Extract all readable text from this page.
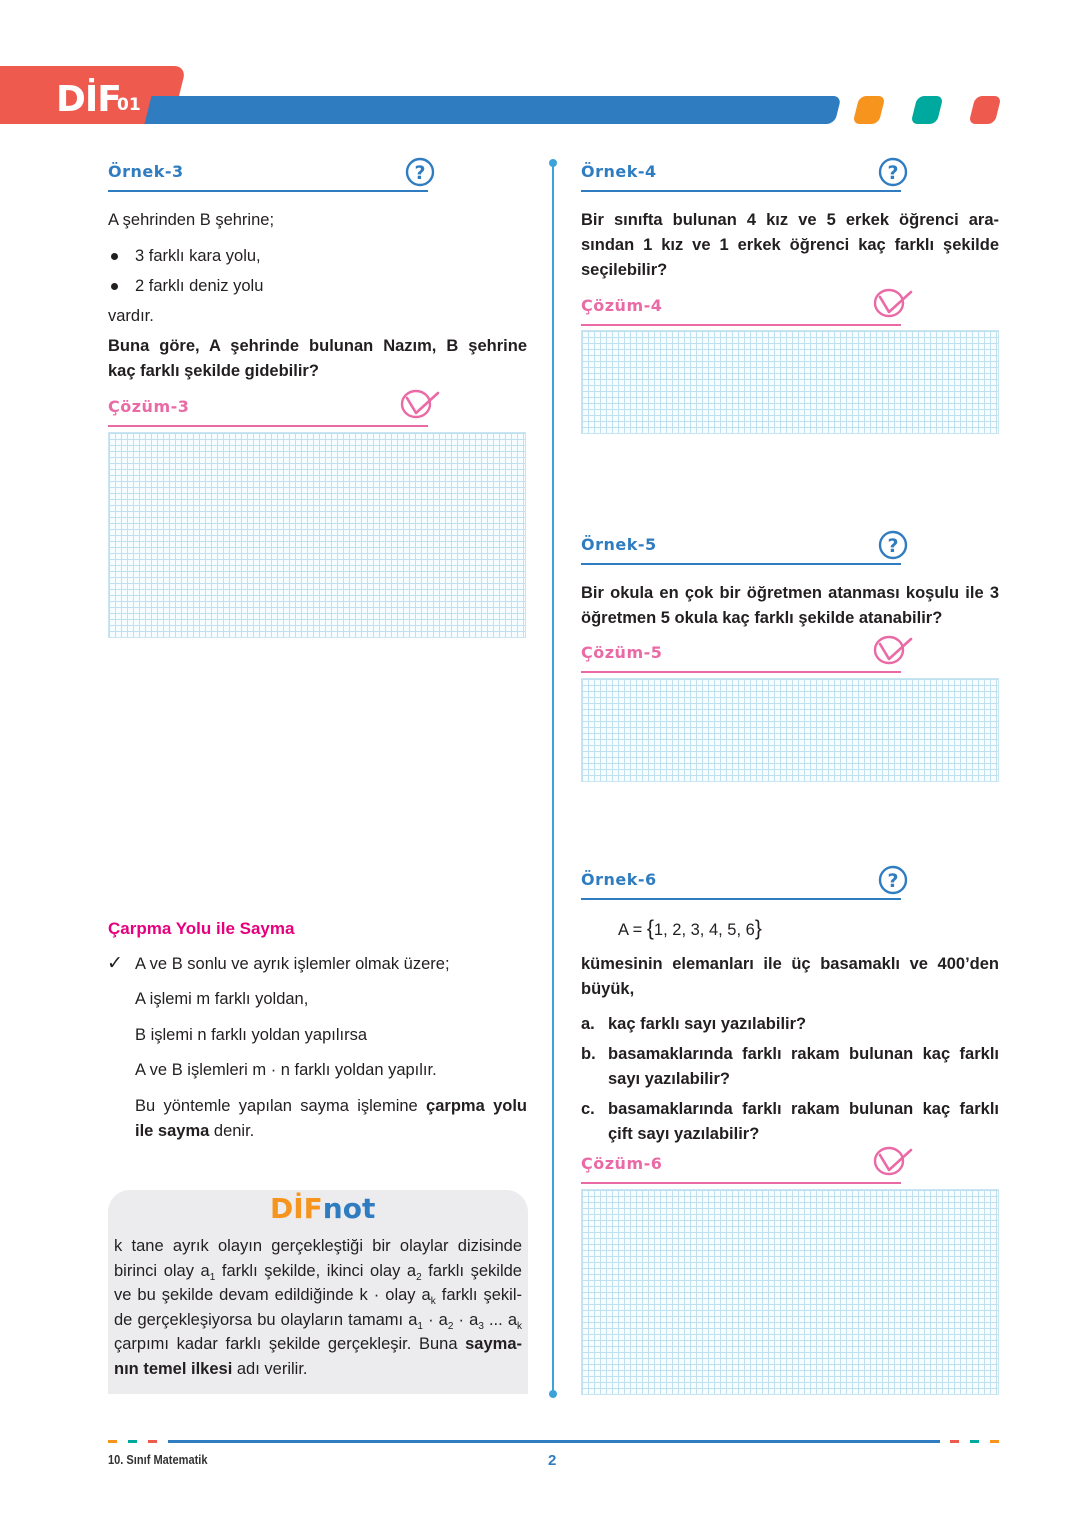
DİF
01
Örnek-3	?
A şehrinden B şehrine;
3 farklı kara yolu,
2 farklı deniz yolu
vardır.
Buna göre, A şehrinde bulunan Nazım, B şehrine
kaç farklı şekilde gidebilir?
Çözüm-3
Çarpma Yolu ile Sayma
✓ A ve B sonlu ve ayrık işlemler olmak üzere;
A işlemi m farklı yoldan,
B işlemi n farklı yoldan yapılırsa
A ve B işlemleri m · n farklı yoldan yapılır.
Bu yöntemle yapılan sayma işlemine çarpma yolu
ile sayma denir.
DİFnot
k tane ayrık olayın gerçekleştiği bir olaylar dizisinde
birinci olay $a_1$ farklı şekilde, ikinci olay $a_2$ farklı şekilde
ve bu şekilde devam edildiğinde k · olay $a_k$ farklı şekil-
de gerçekleşiyorsa bu olayların tamamı $a_1 \cdot a_2 \cdot a_3$ ... $a_k$
çarpımı kadar farklı şekilde gerçekleşir. Buna sayma-
nın temel ilkesi adı verilir.
Örnek-4	?
Bir sınıfta bulunan 4 kız ve 5 erkek öğrenci ara-
sından 1 kız ve 1 erkek öğrenci kaç farklı şekilde
seçilebilir?
Çözüm-4
Örnek-5	?
Bir okula en çok bir öğretmen atanması koşulu ile 3
öğretmen 5 okula kaç farklı şekilde atanabilir?
Çözüm-5
Örnek-6	?
A = {1, 2, 3, 4, 5, 6}
kümesinin elemanları ile üç basamaklı ve 400’den
büyük,
a. kaç farklı sayı yazılabilir?
b. basamaklarında farklı rakam bulunan kaç farklı
sayı yazılabilir?
c. basamaklarında farklı rakam bulunan kaç farklı
çift sayı yazılabilir?
Çözüm-6
10. Sınıf Matematik	2
